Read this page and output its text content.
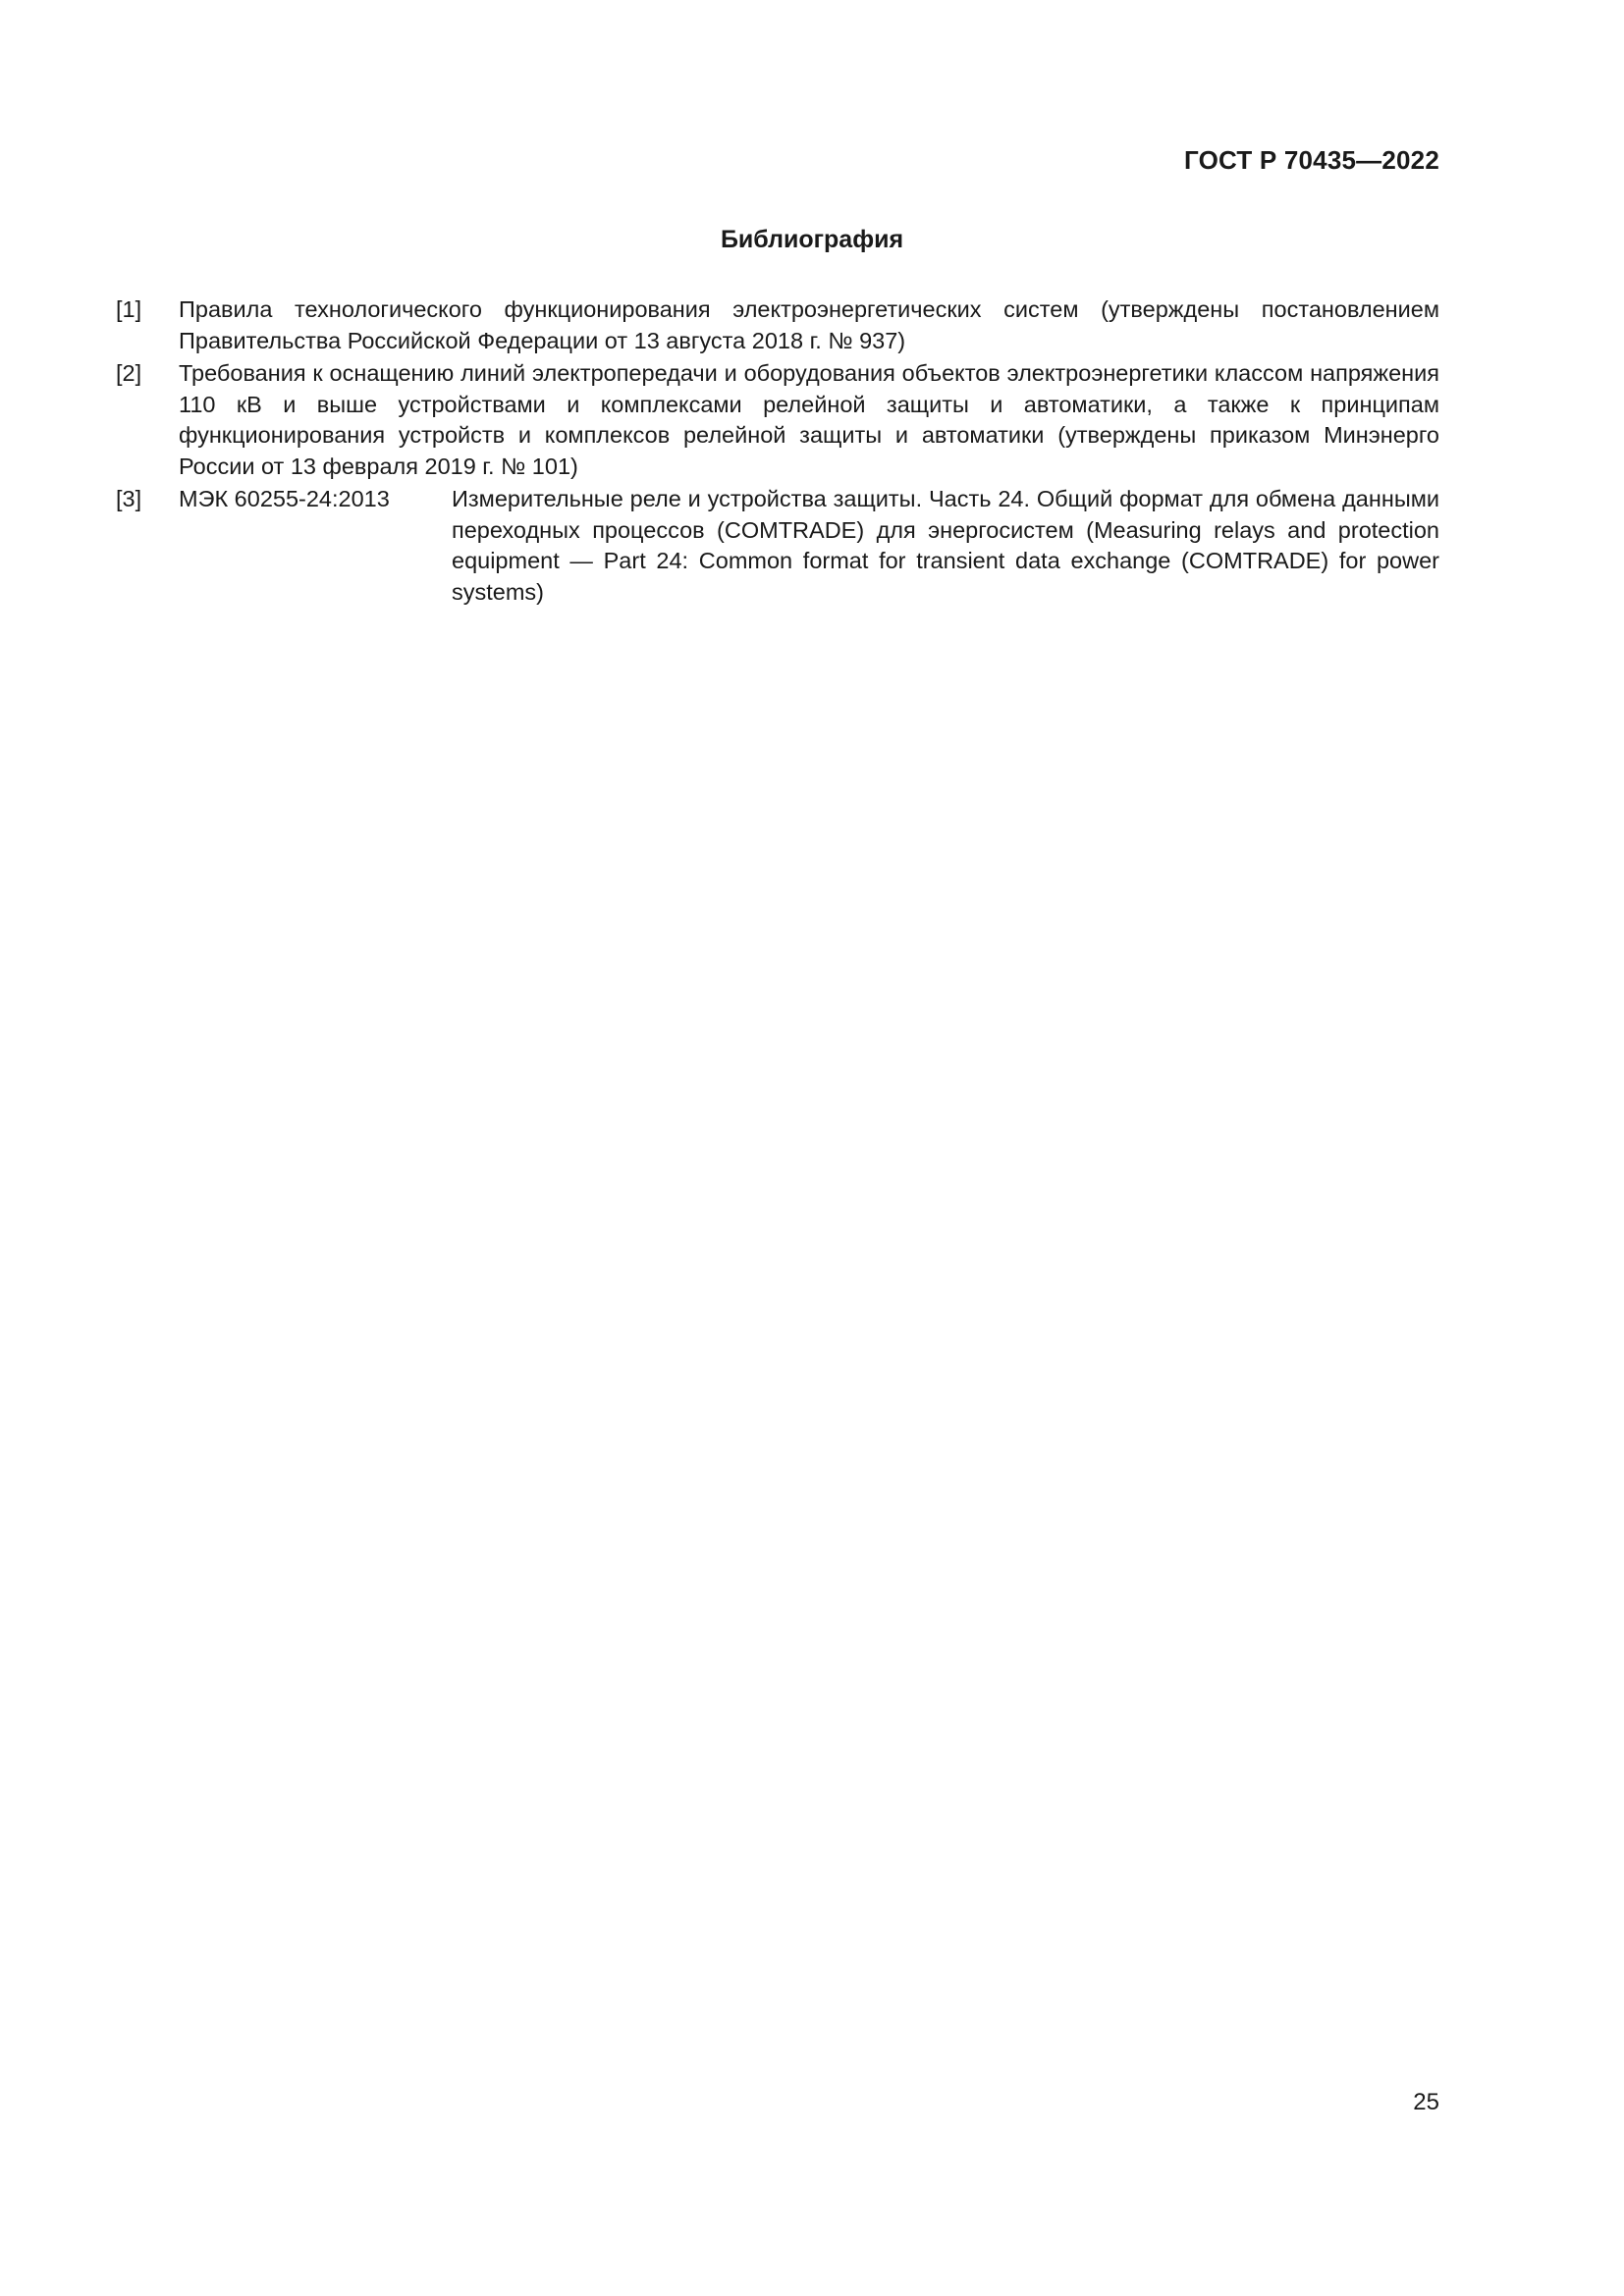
ГОСТ Р 70435—2022
Библиография
[1]	Правила технологического функционирования электроэнергетических систем (утверждены постановлением Правительства Российской Федерации от 13 августа 2018 г. № 937)
[2]	Требования к оснащению линий электропередачи и оборудования объектов электроэнергетики классом напряжения 110 кВ и выше устройствами и комплексами релейной защиты и автоматики, а также к принципам функционирования устройств и комплексов релейной защиты и автоматики (утверждены приказом Минэнерго России от 13 февраля 2019 г. № 101)
[3]	МЭК 60255-24:2013	Измерительные реле и устройства защиты. Часть 24. Общий формат для обмена данными переходных процессов (COMTRADE) для энергосистем (Measuring relays and protection equipment — Part 24: Common format for transient data exchange (COMTRADE) for power systems)
25
